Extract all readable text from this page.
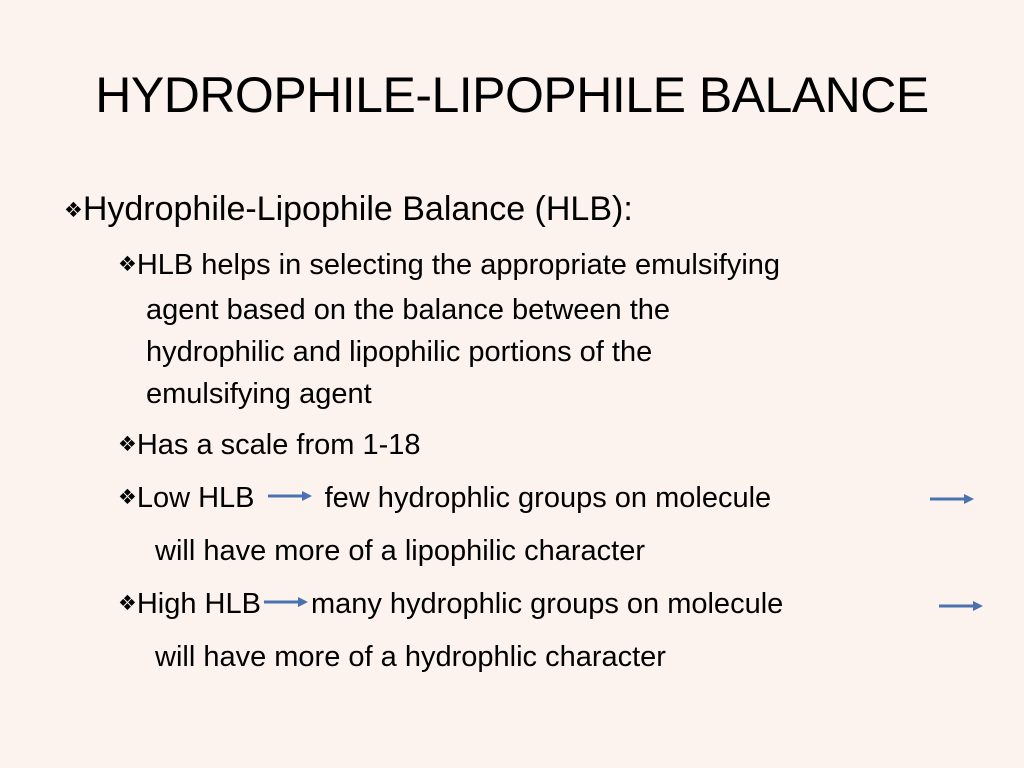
HYDROPHILE-LIPOPHILE BALANCE
❖Hydrophile-Lipophile Balance (HLB):
❖HLB helps in selecting the appropriate emulsifying
agent based on the balance between the
hydrophilic and lipophilic portions of the
emulsifying agent
❖Has a scale from 1-18
❖Low HLB few hydrophlic groups on molecule
will have more of a lipophilic character
❖High HLB many hydrophlic groups on molecule
will have more of a hydrophlic character
